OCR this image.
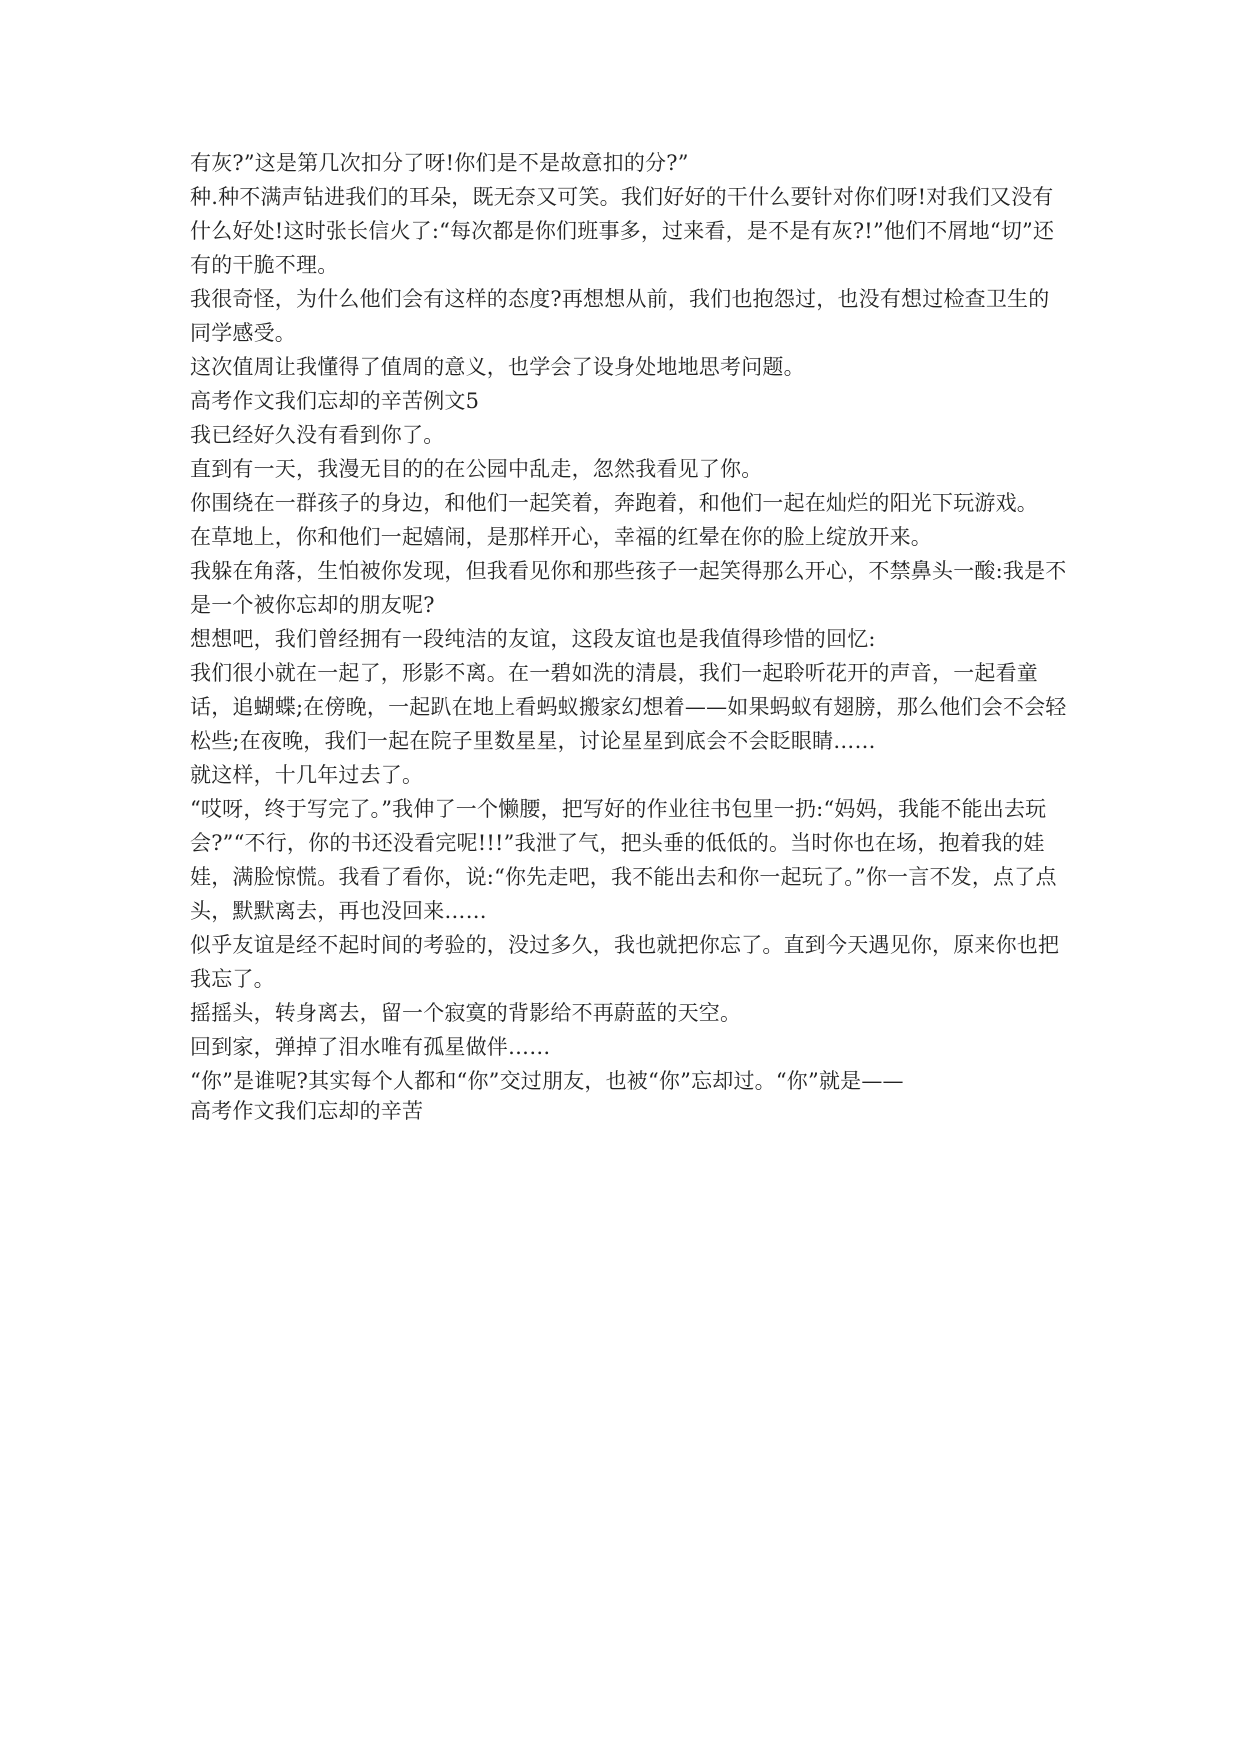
有灰?”这是第几次扣分了呀!你们是不是故意扣的分?”

种.种不满声钻进我们的耳朵，既无奈又可笑。我们好好的干什么要针对你们呀!对我们又没有什么好处!这时张长信火了:“每次都是你们班事多，过来看，是不是有灰?!”他们不屑地“切”还有的干脆不理。

我很奇怪，为什么他们会有这样的态度?再想想从前，我们也抱怨过，也没有想过检查卫生的同学感受。

这次值周让我懂得了值周的意义，也学会了设身处地地思考问题。

高考作文我们忘却的辛苦例文5

我已经好久没有看到你了。

直到有一天，我漫无目的的在公园中乱走，忽然我看见了你。

你围绕在一群孩子的身边，和他们一起笑着，奔跑着，和他们一起在灿烂的阳光下玩游戏。

在草地上，你和他们一起嬉闹，是那样开心，幸福的红晕在你的脸上绽放开来。

我躲在角落，生怕被你发现，但我看见你和那些孩子一起笑得那么开心，不禁鼻头一酸:我是不是一个被你忘却的朋友呢?

想想吧，我们曾经拥有一段纯洁的友谊，这段友谊也是我值得珍惜的回忆:

我们很小就在一起了，形影不离。在一碧如洗的清晨，我们一起聆听花开的声音，一起看童话，追蝴蝶;在傍晚，一起趴在地上看蚂蚁搬家幻想着——如果蚂蚁有翅膀，那么他们会不会轻松些;在夜晚，我们一起在院子里数星星，讨论星星到底会不会眨眼睛……

就这样，十几年过去了。

“哎呀，终于写完了。”我伸了一个懒腰，把写好的作业往书包里一扔:“妈妈，我能不能出去玩会?”“不行，你的书还没看完呢!!!”我泄了气，把头垂的低低的。当时你也在场，抱着我的娃娃，满脸惊慌。我看了看你，说:“你先走吧，我不能出去和你一起玩了。”你一言不发，点了点头，默默离去，再也没回来……

似乎友谊是经不起时间的考验的，没过多久，我也就把你忘了。直到今天遇见你，原来你也把我忘了。

摇摇头，转身离去，留一个寂寞的背影给不再蔚蓝的天空。

回到家，弹掉了泪水唯有孤星做伴……

“你”是谁呢?其实每个人都和“你”交过朋友，也被“你”忘却过。“你”就是——

高考作文我们忘却的辛苦
